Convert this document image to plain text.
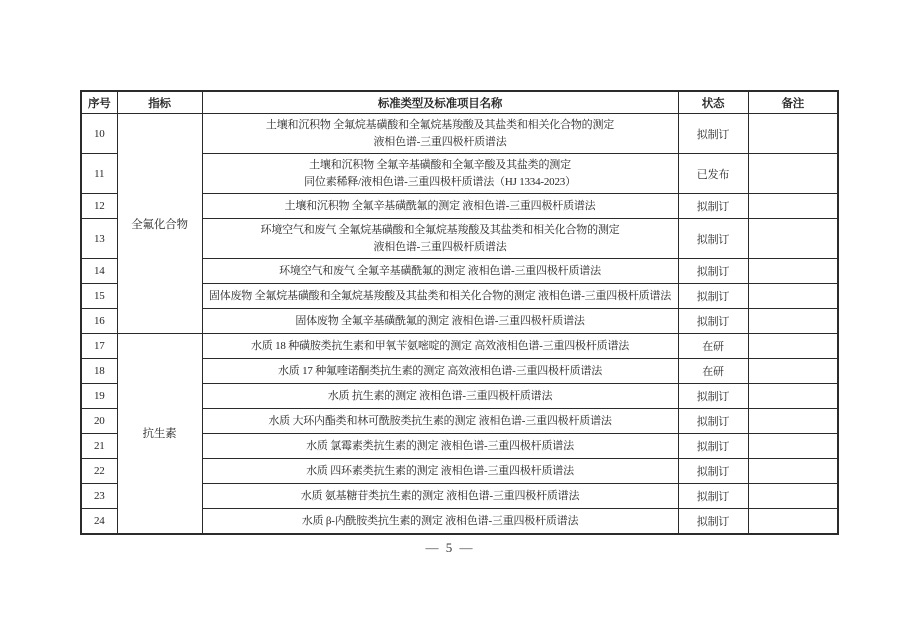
序号	指标	标准类型及标准项目名称	状态	备注
10	全氟化合物	土壤和沉积物 全氟烷基磺酸和全氟烷基羧酸及其盐类和相关化合物的测定
液相色谱-三重四极杆质谱法	拟制订	
11		土壤和沉积物 全氟辛基磺酸和全氟辛酸及其盐类的测定
同位素稀释/液相色谱-三重四极杆质谱法（HJ 1334-2023）	已发布	
12		土壤和沉积物 全氟辛基磺酰氟的测定 液相色谱-三重四极杆质谱法	拟制订	
13		环境空气和废气 全氟烷基磺酸和全氟烷基羧酸及其盐类和相关化合物的测定
液相色谱-三重四极杆质谱法	拟制订	
14		环境空气和废气 全氟辛基磺酰氟的测定 液相色谱-三重四极杆质谱法	拟制订	
15		固体废物 全氟烷基磺酸和全氟烷基羧酸及其盐类和相关化合物的测定 液相色谱-三重四极杆质谱法	拟制订	
16		固体废物 全氟辛基磺酰氟的测定 液相色谱-三重四极杆质谱法	拟制订	
17	抗生素	水质 18 种磺胺类抗生素和甲氧苄氨嘧啶的测定 高效液相色谱-三重四极杆质谱法	在研	
18		水质 17 种氟喹诺酮类抗生素的测定 高效液相色谱-三重四极杆质谱法	在研	
19		水质 抗生素的测定 液相色谱-三重四极杆质谱法	拟制订	
20		水质 大环内酯类和林可酰胺类抗生素的测定 液相色谱-三重四极杆质谱法	拟制订	
21		水质 氯霉素类抗生素的测定 液相色谱-三重四极杆质谱法	拟制订	
22		水质 四环素类抗生素的测定 液相色谱-三重四极杆质谱法	拟制订	
23		水质 氨基糖苷类抗生素的测定 液相色谱-三重四极杆质谱法	拟制订	
24		水质 β-内酰胺类抗生素的测定 液相色谱-三重四极杆质谱法	拟制订	
— 5 —
